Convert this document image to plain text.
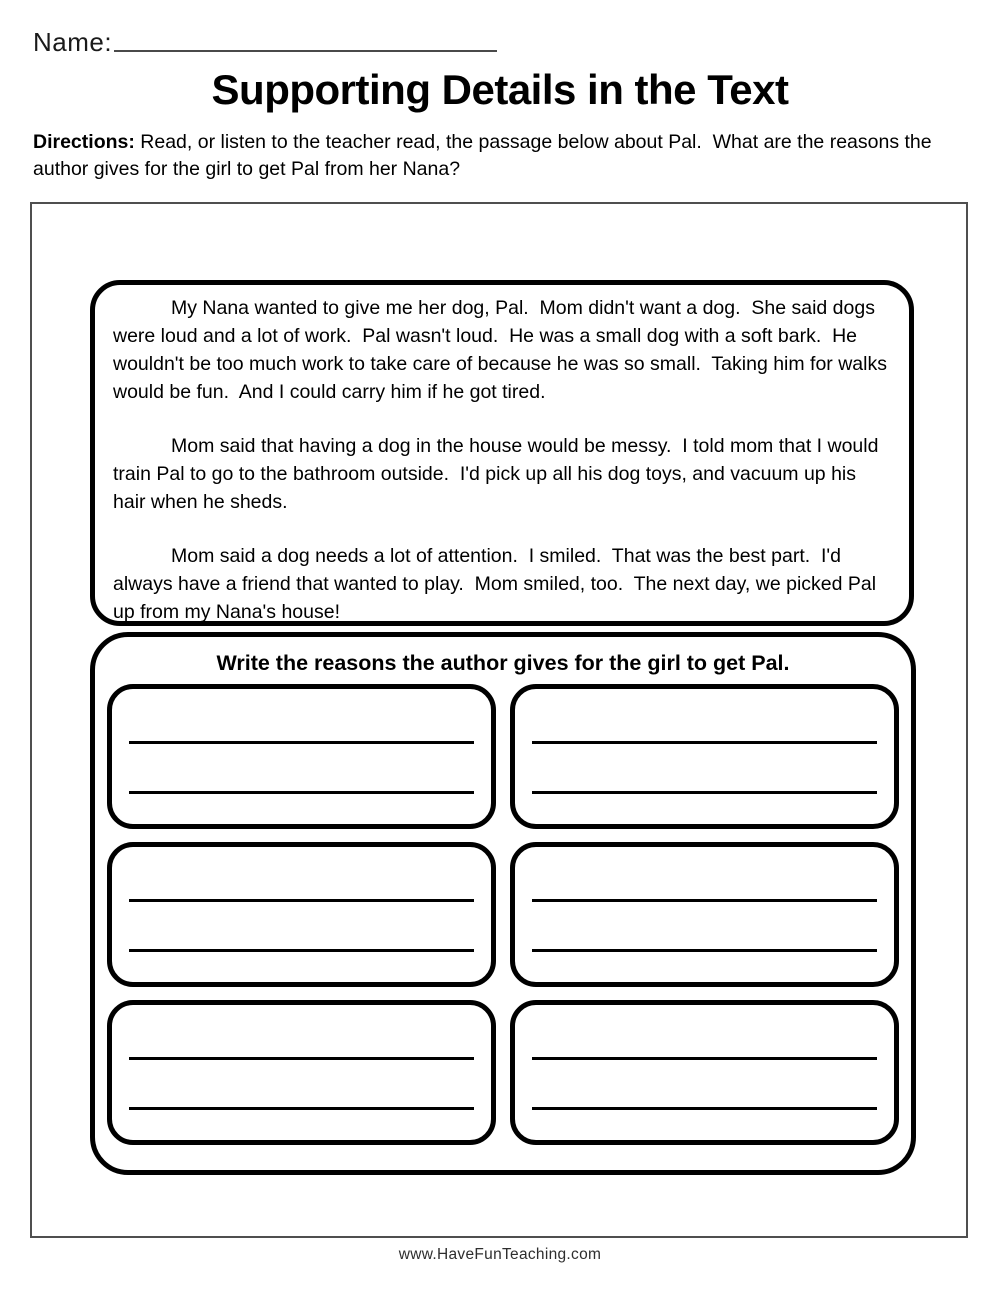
Name:
Supporting Details in the Text

Directions: Read, or listen to the teacher read, the passage below about Pal.  What are the reasons the author gives for the girl to get Pal from her Nana?

My Nana wanted to give me her dog, Pal.  Mom didn't want a dog.  She said dogs were loud and a lot of work.  Pal wasn't loud.  He was a small dog with a soft bark.  He wouldn't be too much work to take care of because he was so small.  Taking him for walks would be fun.  And I could carry him if he got tired.

Mom said that having a dog in the house would be messy.  I told mom that I would train Pal to go to the bathroom outside.  I'd pick up all his dog toys, and vacuum up his hair when he sheds.

Mom said a dog needs a lot of attention.  I smiled.  That was the best part.  I'd always have a friend that wanted to play.  Mom smiled, too.  The next day, we picked Pal up from my Nana's house!

Write the reasons the author gives for the girl to get Pal.
www.HaveFunTeaching.com
